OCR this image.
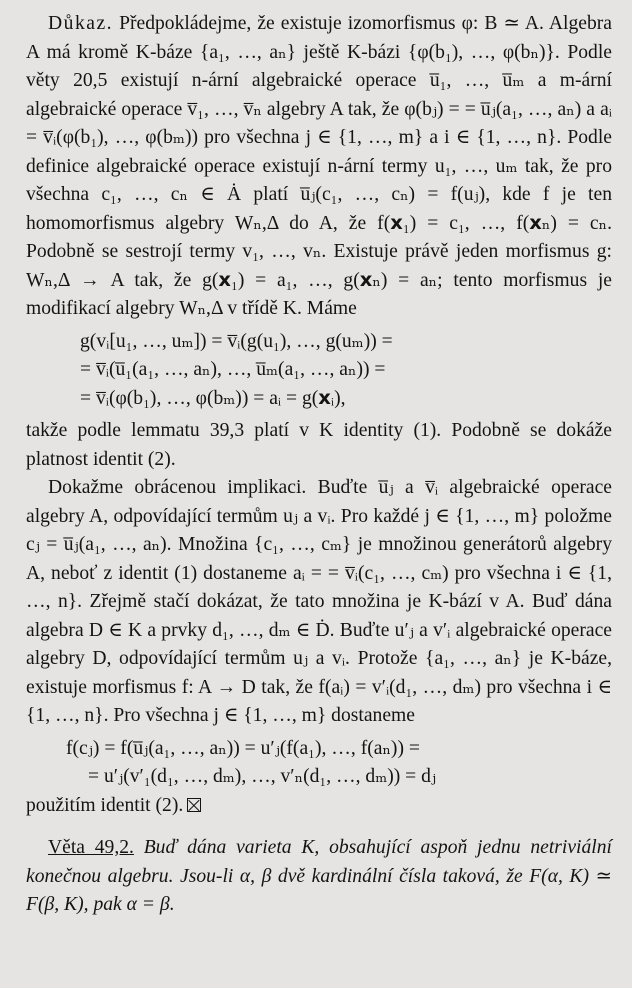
Důkaz. Předpokládejme, že existuje izomorfismus φ: B ≃ A. Algebra A má kromě K-báze {a₁, …, aₙ} ještě K-bázi {φ(b₁), …, φ(bₙ)}. Podle věty 20,5 existují n-ární algebraické operace u̅₁, …, u̅ₘ a m-ární algebraické operace v̅₁, …, v̅ₙ algebry A tak, že φ(bⱼ) = = u̅ⱼ(a₁, …, aₙ) a aᵢ = v̅ᵢ(φ(b₁), …, φ(bₘ)) pro všechna j ∈ {1, …, m} a i ∈ {1, …, n}. Podle definice algebraické operace existují n-ární termy u₁, …, uₘ tak, že pro všechna c₁, …, cₙ ∈ Ȧ platí u̅ⱼ(c₁, …, cₙ) = f(uⱼ), kde f je ten homomorfismus algebry Wₙ,Δ do A, že f(𝘅₁) = c₁, …, f(𝘅ₙ) = cₙ. Podobně se sestrojí termy v₁, …, vₙ. Existuje právě jeden morfismus g: Wₙ,Δ → A tak, že g(𝘅₁) = a₁, …, g(𝘅ₙ) = aₙ; tento morfismus je modifikací algebry Wₙ,Δ v třídě K. Máme

g(vᵢ[u₁, …, uₘ]) = v̅ᵢ(g(u₁), …, g(uₘ)) =

= v̅ᵢ(u̅₁(a₁, …, aₙ), …, u̅ₘ(a₁, …, aₙ)) =

= v̅ᵢ(φ(b₁), …, φ(bₘ)) = aᵢ = g(𝘅ᵢ),

takže podle lemmatu 39,3 platí v K identity (1). Podobně se dokáže platnost identit (2).

Dokažme obrácenou implikaci. Buďte u̅ⱼ a v̅ᵢ algebraické operace algebry A, odpovídající termům uⱼ a vᵢ. Pro každé j ∈ {1, …, m} položme cⱼ = u̅ⱼ(a₁, …, aₙ). Množina {c₁, …, cₘ} je množinou generátorů algebry A, neboť z identit (1) dostaneme aᵢ = = v̅ᵢ(c₁, …, cₘ) pro všechna i ∈ {1, …, n}. Zřejmě stačí dokázat, že tato množina je K-bází v A. Buď dána algebra D ∈ K a prvky d₁, …, dₘ ∈ Ḋ. Buďte u′ⱼ a v′ᵢ algebraické operace algebry D, odpovídající termům uⱼ a vᵢ. Protože {a₁, …, aₙ} je K-báze, existuje morfismus f: A → D tak, že f(aᵢ) = v′ᵢ(d₁, …, dₘ) pro všechna i ∈ {1, …, n}. Pro všechna j ∈ {1, …, m} dostaneme

f(cⱼ) = f(u̅ⱼ(a₁, …, aₙ)) = u′ⱼ(f(a₁), …, f(aₙ)) =

= u′ⱼ(v′₁(d₁, …, dₘ), …, v′ₙ(d₁, …, dₘ)) = dⱼ

použitím identit (2).

Věta 49,2. Buď dána varieta K, obsahující aspoň jednu netriviální konečnou algebru. Jsou-li α, β dvě kardinální čísla taková, že F(α, K) ≃ F(β, K), pak α = β.
